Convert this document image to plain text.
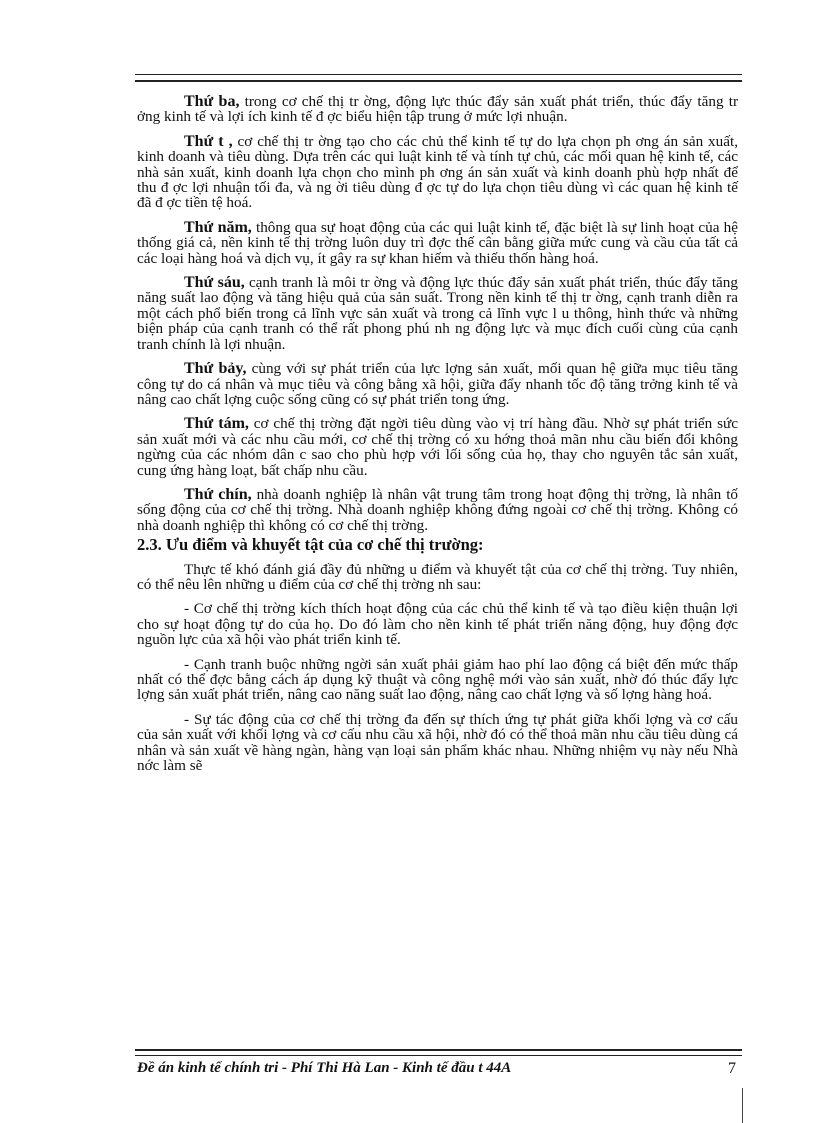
Thứ ba, trong cơ chế thị tr ờng, động lực thúc đẩy sản xuất phát triển, thúc đẩy tăng tr ởng kinh tế và lợi ích kinh tế đ ợc biểu hiện tập trung ở mức lợi nhuận.

Thứ t , cơ chế thị tr ờng tạo cho các chủ thể kinh tế tự do lựa chọn ph ơng án sản xuất, kinh doanh và tiêu dùng. Dựa trên các qui luật kinh tế và tính tự chủ, các mối quan hệ kinh tế, các nhà sản xuất, kinh doanh lựa chọn cho mình ph ơng án sản xuất và kinh doanh phù hợp nhất để thu đ ợc lợi nhuận tối đa, và ng ời tiêu dùng đ ợc tự do lựa chọn tiêu dùng vì các quan hệ kinh tế đã đ ợc tiền tệ hoá.

Thứ năm, thông qua sự hoạt động của các qui luật kinh tế, đặc biệt là sự linh hoạt của hệ thống giá cả, nền kinh tế thị trờng luôn duy trì đợc thế cân bằng giữa mức cung và cầu của tất cả các loại hàng hoá và dịch vụ, ít gây ra sự khan hiếm và thiếu thốn hàng hoá.

Thứ sáu, cạnh tranh là môi tr ờng và động lực thúc đẩy sản xuất phát triển, thúc đẩy tăng năng suất lao động và tăng hiệu quả của sản suất. Trong nền kinh tế thị tr ờng, cạnh tranh diễn ra một cách phổ biến trong cả lĩnh vực sản xuất và trong cả lĩnh vực l u thông, hình thức và những biện pháp của cạnh tranh có thể rất phong phú nh ng động lực và mục đích cuối cùng của cạnh tranh chính là lợi nhuận.

Thứ bảy, cùng với sự phát triển của lực lợng sản xuất, mối quan hệ giữa mục tiêu tăng công tự do cá nhân và mục tiêu và công bằng xã hội, giữa đẩy nhanh tốc độ tăng trởng kinh tế và nâng cao chất lợng cuộc sống cũng có sự phát triển tong ứng.

Thứ tám, cơ chế thị trờng đặt ngời tiêu dùng vào vị trí hàng đầu. Nhờ sự phát triển sức sản xuất mới và các nhu cầu mới, cơ chế thị trờng có xu hớng thoả mãn nhu cầu biến đổi không ngừng của các nhóm dân c sao cho phù hợp với lối sống của họ, thay cho nguyên tắc sản xuất, cung ứng hàng loạt, bất chấp nhu cầu.

Thứ chín, nhà doanh nghiệp là nhân vật trung tâm trong hoạt động thị trờng, là nhân tố sống động của cơ chế thị trờng. Nhà doanh nghiệp không đứng ngoài cơ chế thị trờng. Không có nhà doanh nghiệp thì không có cơ chế thị trờng.

2.3. Ưu điểm và khuyết tật của cơ chế thị trường:

Thực tế khó đánh giá đầy đủ những u điểm và khuyết tật của cơ chế thị trờng. Tuy nhiên, có thể nêu lên những u điểm của cơ chế thị trờng nh sau:

- Cơ chế thị trờng kích thích hoạt động của các chủ thể kinh tế và tạo điều kiện thuận lợi cho sự hoạt động tự do của họ. Do đó làm cho nền kinh tế phát triển năng động, huy động đợc nguồn lực của xã hội vào phát triển kinh tế.

- Cạnh tranh buộc những ngời sản xuất phải giảm hao phí lao động cá biệt đến mức thấp nhất có thể đợc bằng cách áp dụng kỹ thuật và công nghệ mới vào sản xuất, nhờ đó thúc đẩy lực lợng sản xuất phát triển, nâng cao năng suất lao động, nâng cao chất lợng và số lợng hàng hoá.

- Sự tác động của cơ chế thị trờng đa đến sự thích ứng tự phát giữa khối lợng và cơ cấu của sản xuất với khối lợng và cơ cấu nhu cầu xã hội, nhờ đó có thể thoả mãn nhu cầu tiêu dùng cá nhân và sản xuất về hàng ngàn, hàng vạn loại sản phẩm khác nhau. Những nhiệm vụ này nếu Nhà nớc làm sẽ

Đề án kinh tế chính tri - Phí Thi Hà Lan - Kinh tế đầu t 44A	7
